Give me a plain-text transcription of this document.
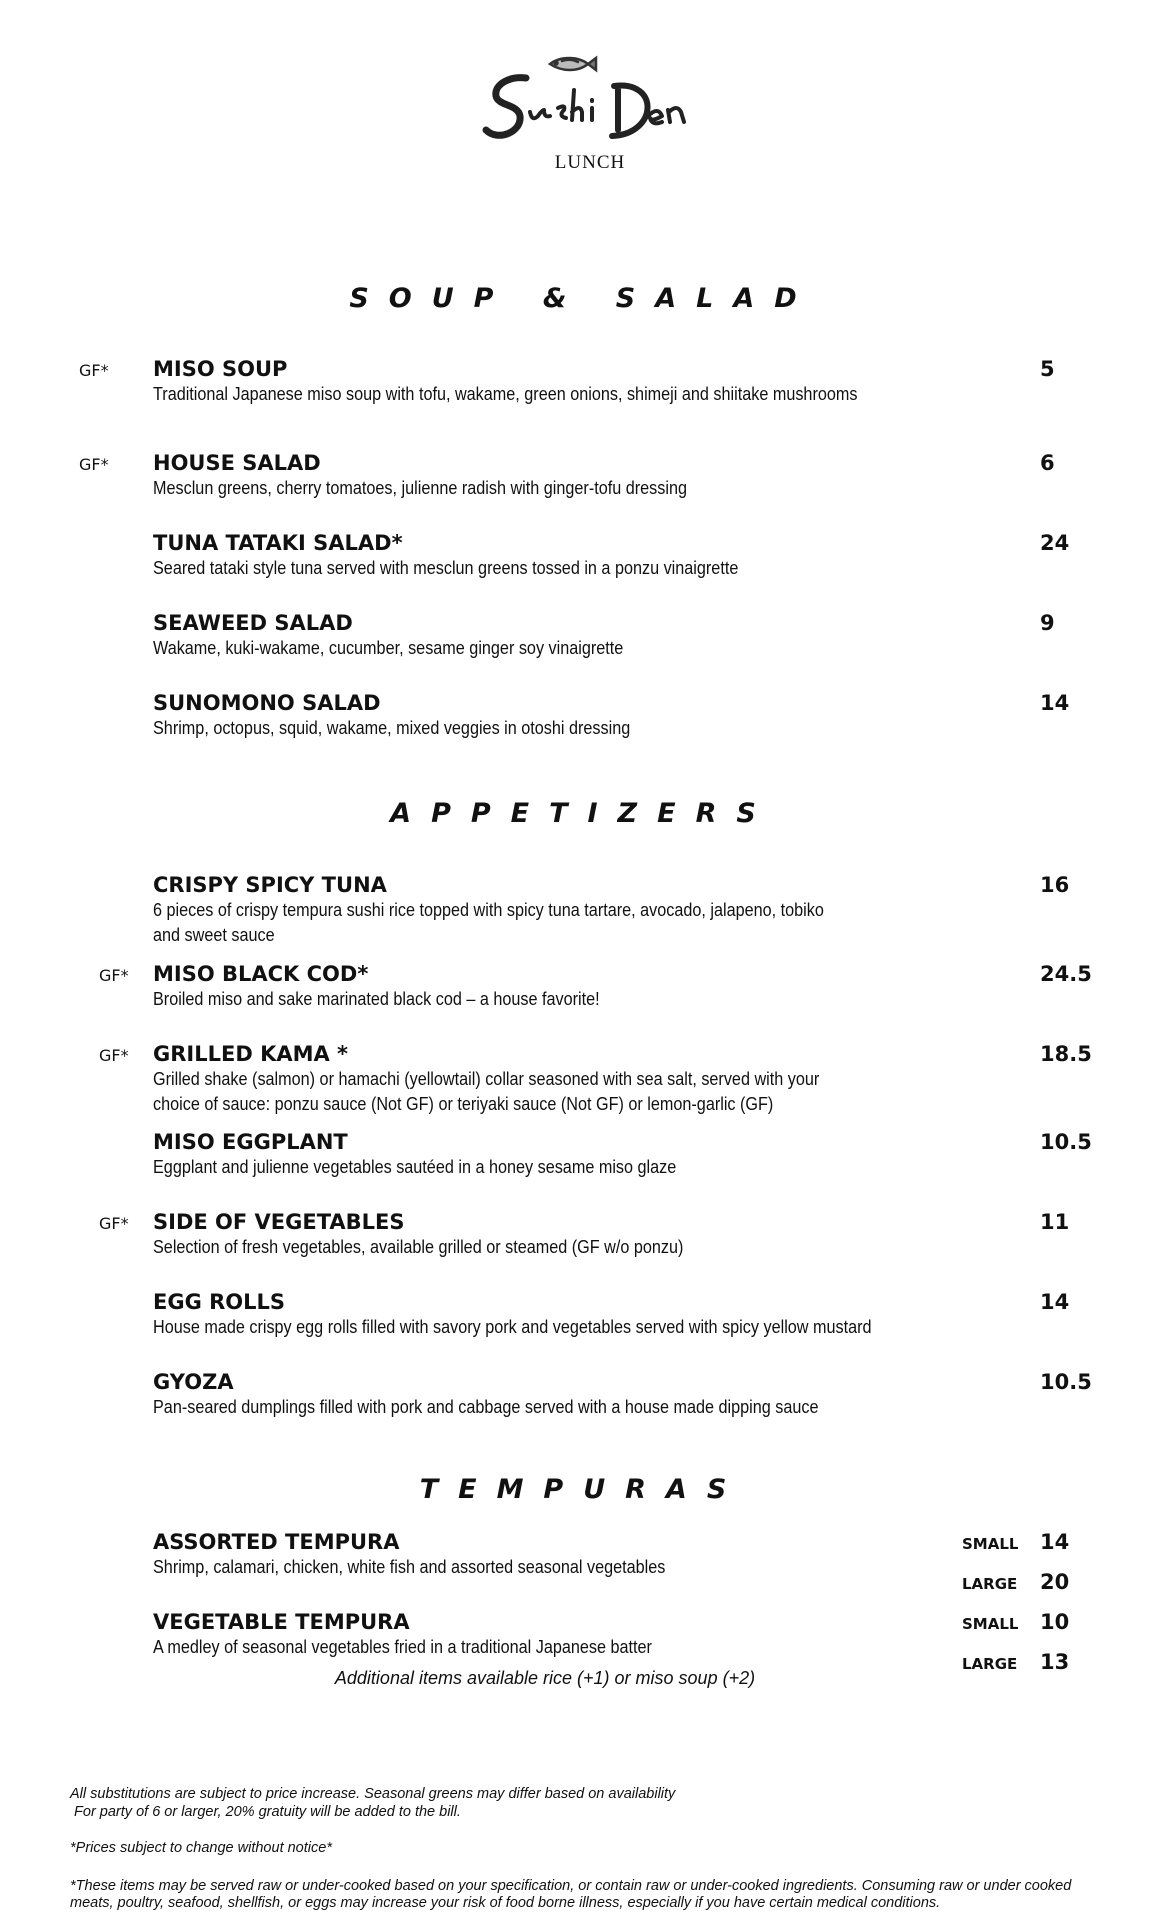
LUNCH
SOUP & SALAD
GF* MISO SOUP
Traditional Japanese miso soup with tofu, wakame, green onions, shimeji and shiitake mushrooms
5
GF* HOUSE SALAD
Mesclun greens, cherry tomatoes, julienne radish with ginger-tofu dressing
6
TUNA TATAKI SALAD*
Seared tataki style tuna served with mesclun greens tossed in a ponzu vinaigrette
24
SEAWEED SALAD
Wakame, kuki-wakame, cucumber, sesame ginger soy vinaigrette
9
SUNOMONO SALAD
Shrimp, octopus, squid, wakame, mixed veggies in otoshi dressing
14
APPETIZERS
CRISPY SPICY TUNA
6 pieces of crispy tempura sushi rice topped with spicy tuna tartare, avocado, jalapeno, tobiko and sweet sauce
16
GF* MISO BLACK COD*
Broiled miso and sake marinated black cod – a house favorite!
24.5
GF* GRILLED KAMA *
Grilled shake (salmon) or hamachi (yellowtail) collar seasoned with sea salt, served with your choice of sauce: ponzu sauce (Not GF) or teriyaki sauce (Not GF) or lemon-garlic (GF)
18.5
MISO EGGPLANT
Eggplant and julienne vegetables sautéed in a honey sesame miso glaze
10.5
GF* SIDE OF VEGETABLES
Selection of fresh vegetables, available grilled or steamed (GF w/o ponzu)
11
EGG ROLLS
House made crispy egg rolls filled with savory pork and vegetables served with spicy yellow mustard
14
GYOZA
Pan-seared dumplings filled with pork and cabbage served with a house made dipping sauce
10.5
TEMPURAS
ASSORTED TEMPURA
Shrimp, calamari, chicken, white fish and assorted seasonal vegetables
SMALL 14
LARGE 20
VEGETABLE TEMPURA
A medley of seasonal vegetables fried in a traditional Japanese batter
SMALL 10
LARGE 13
Additional items available rice (+1) or miso soup (+2)
All substitutions are subject to price increase. Seasonal greens may differ based on availability
For party of 6 or larger, 20% gratuity will be added to the bill.
*Prices subject to change without notice*
*These items may be served raw or under-cooked based on your specification, or contain raw or under-cooked ingredients. Consuming raw or under cooked meats, poultry, seafood, shellfish, or eggs may increase your risk of food borne illness, especially if you have certain medical conditions.
